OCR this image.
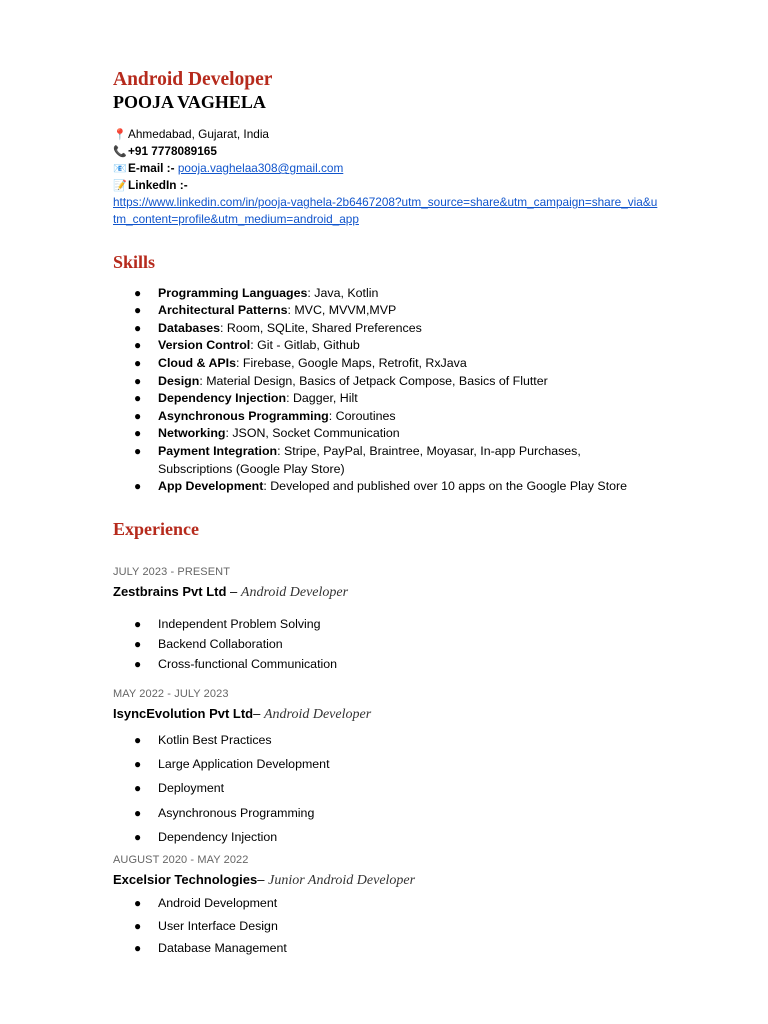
Android Developer
POOJA VAGHELA
📍 Ahmedabad, Gujarat, India
📞 +91 7778089165
📧 E-mail :-
pooja.vaghelaa308@gmail.com
📝 LinkedIn :-
https://www.linkedin.com/in/pooja-vaghela-2b6467208?utm_source=share&utm_campaign=share_via&utm_content=profile&utm_medium=android_app
Skills
● Programming Languages: Java, Kotlin
● Architectural Patterns: MVC, MVVM,MVP
● Databases: Room, SQLite, Shared Preferences
● Version Control: Git - Gitlab, Github
● Cloud & APIs: Firebase, Google Maps, Retrofit, RxJava
● Design: Material Design, Basics of Jetpack Compose, Basics of Flutter
● Dependency Injection: Dagger, Hilt
● Asynchronous Programming: Coroutines
● Networking: JSON, Socket Communication
● Payment Integration: Stripe, PayPal, Braintree, Moyasar, In-app Purchases, Subscriptions (Google Play Store)
● App Development: Developed and published over 10 apps on the Google Play Store
Experience
JULY 2023 - PRESENT
Zestbrains Pvt Ltd – Android Developer
● Independent Problem Solving
● Backend Collaboration
● Cross-functional Communication
MAY 2022 - JULY 2023
IsyncEvolution Pvt Ltd– Android Developer
● Kotlin Best Practices
● Large Application Development
● Deployment
● Asynchronous Programming
● Dependency Injection
AUGUST 2020 - MAY 2022
Excelsior Technologies– Junior Android Developer
● Android Development
● User Interface Design
● Database Management
